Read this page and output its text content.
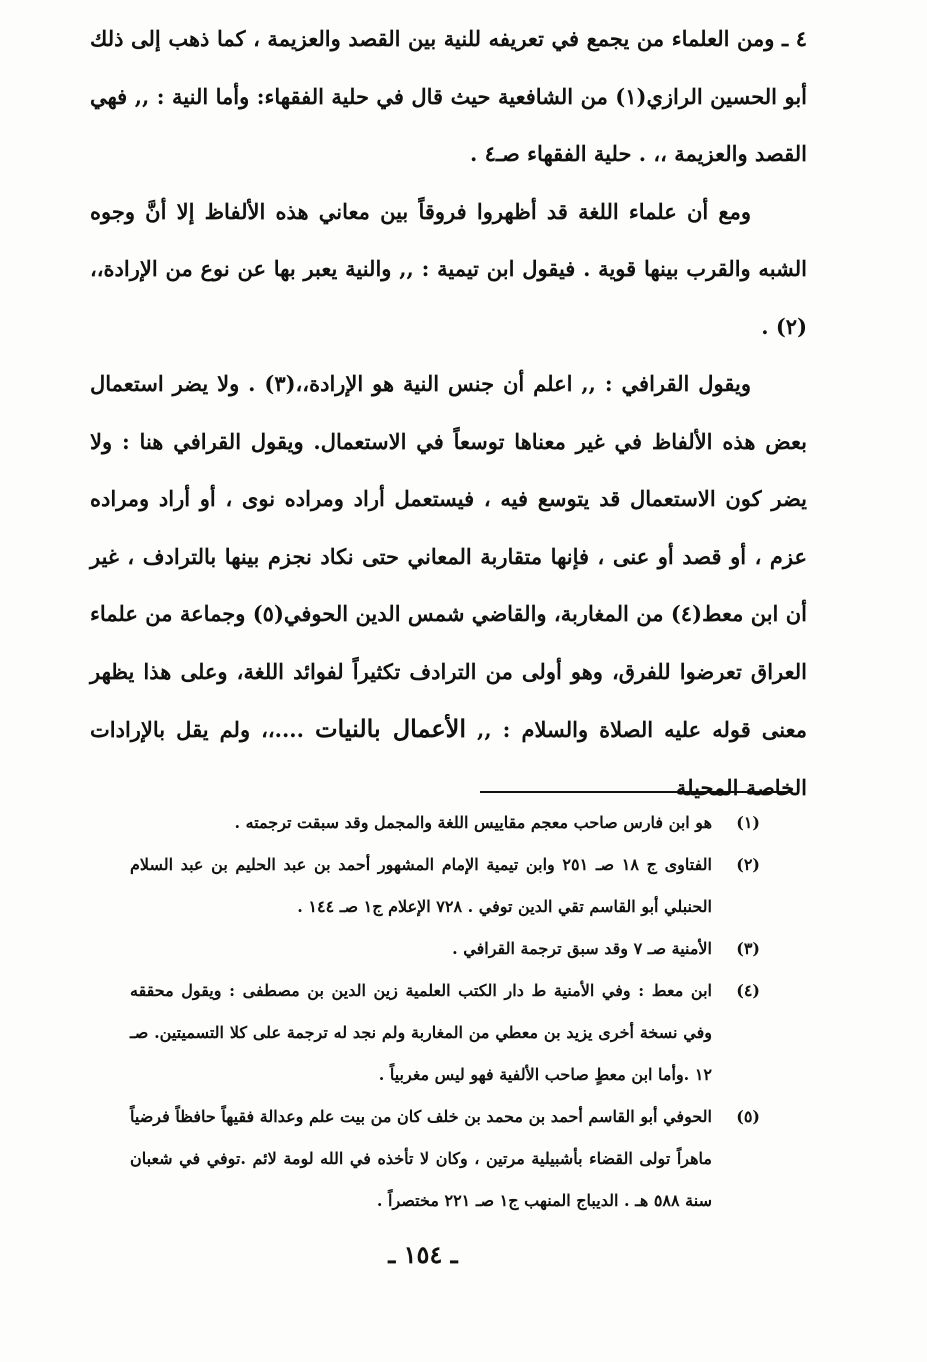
٤ ـ ومن العلماء من يجمع في تعريفه للنية بين القصد والعزيمة ، كما ذهب إلى ذلك أبو الحسين الرازي(١) من الشافعية حيث قال في حلية الفقهاء: وأما النية : ,, فهي القصد والعزيمة ،، . حلية الفقهاء صـ٤ .

ومع أن علماء اللغة قد أظهروا فروقاً بين معاني هذه الألفاظ إلا أنَّ وجوه الشبه والقرب بينها قوية . فيقول ابن تيمية : ,, والنية يعبر بها عن نوع من الإرادة،،(٢) .

ويقول القرافي : ,, اعلم أن جنس النية هو الإرادة،،(٣) . ولا يضر استعمال بعض هذه الألفاظ في غير معناها توسعاً في الاستعمال. ويقول القرافي هنا : ولا يضر كون الاستعمال قد يتوسع فيه ، فيستعمل أراد ومراده نوى ، أو أراد ومراده عزم ، أو قصد أو عنى ، فإنها متقاربة المعاني حتى نكاد نجزم بينها بالترادف ، غير أن ابن معط(٤) من المغاربة، والقاضي شمس الدين الحوفي(٥) وجماعة من علماء العراق تعرضوا للفرق، وهو أولى من الترادف تكثيراً لفوائد اللغة، وعلى هذا يظهر معنى قوله عليه الصلاة والسلام : ,, الأعمال بالنيات ....،، ولم يقل بالإرادات الخاصة المحيلة

(١)
هو ابن فارس صاحب معجم مقاييس اللغة والمجمل وقد سبقت ترجمته .
(٢)
الفتاوى ج ١٨ صـ ٢٥١ وابن تيمية الإمام المشهور أحمد بن عبد الحليم بن عبد السلام الحنبلي أبو القاسم تقي الدين توفي . ٧٢٨ الإعلام ج١ صـ ١٤٤ .
(٣)
الأمنية صـ ٧ وقد سبق ترجمة القرافي .
(٤)
ابن معط : وفي الأمنية ط دار الكتب العلمية زين الدين بن مصطفى : ويقول محققه وفي نسخة أخرى يزيد بن معطي من المغاربة ولم نجد له ترجمة على كلا التسميتين. صـ ١٢ .وأما ابن معطٍ صاحب الألفية فهو ليس مغربياً .
(٥)
الحوفي أبو القاسم أحمد بن محمد بن خلف كان من بيت علم وعدالة فقيهاً حافظاً فرضياً ماهراً تولى القضاء بأشبيلية مرتين ، وكان لا تأخذه في الله لومة لائم .توفي في شعبان سنة ٥٨٨ هـ . الديباج المنهب ج١ صـ ٢٢١ مختصراً .
ـ ١٥٤ ـ
